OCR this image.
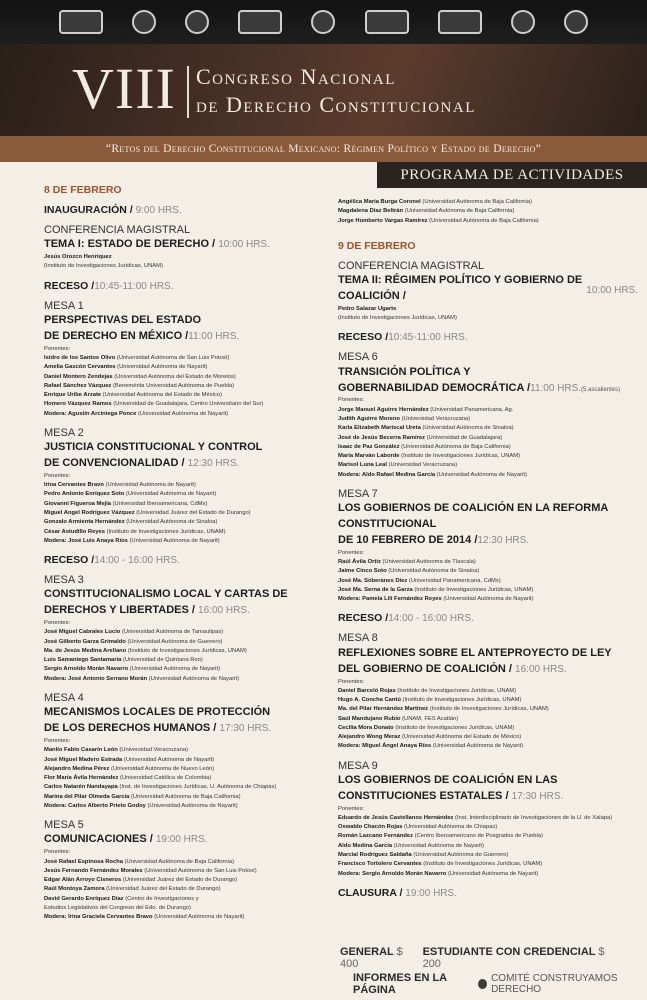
VIII Congreso Nacional
de Derecho Constitucional
“Retos del Derecho Constitucional Mexicano: Régimen Político y Estado de Derecho”
PROGRAMA DE ACTIVIDADES
8 DE FEBRERO
INAUGURACIÓN / 9:00 HRS.
CONFERENCIA MAGISTRAL
TEMA I: ESTADO DE DERECHO / 10:00 HRS.
Jesús Orozco Henríquez
(Instituto de Investigaciones Jurídicas, UNAM)
RECESO /10:45-11:00 HRS.
MESA 1
PERSPECTIVAS DEL ESTADO
DE DERECHO EN MÉXICO /11:00 HRS.
Ponentes:
Isidro de los Santos Olivo (Universidad Autónoma de San Luis Potosí)
Amelia Gascón Cervantes (Universidad Autónoma de Nayarit)
Daniel Montero Zendejas (Universidad Autónoma del Estado de Morelos)
Rafael Sánchez Vázquez (Benemérita Universidad Autónoma de Puebla)
Enrique Uribe Arzate (Universidad Autónoma del Estado de México)
Homero Vázquez Ramos (Universidad de Guadalajara, Centro Universitario del Sur)
Modera: Agustín Arciniega Ponce (Universidad Autónoma de Nayarit)
MESA 2
JUSTICIA CONSTITUCIONAL Y CONTROL
DE CONVENCIONALIDAD / 12:30 HRS.
Ponentes:
Irina Cervantes Bravo (Universidad Autónoma de Nayarit)
Pedro Antonio Enríquez Soto (Universidad Autónoma de Nayarit)
Giovanni Figueroa Mejía (Universidad Iberoamericana, CdMx)
Miguel Angel Rodríguez Vázquez (Universidad Juárez del Estado de Durango)
Gonzalo Armienta Hernández (Universidad Autónoma de Sinaloa)
César Astudillo Reyes (Instituto de Investigaciones Jurídicas, UNAM)
Modera: José Luis Anaya Ríos (Universidad Autónoma de Nayarit)
RECESO /14:00 - 16:00 HRS.
MESA 3
CONSTITUCIONALISMO LOCAL Y CARTAS DE
DERECHOS Y LIBERTADES / 16:00 HRS.
Ponentes:
José Miguel Cabrales Lucio (Universidad Autónoma de Tamaulipas)
José Gilberto Garza Grimaldo (Universidad Autónoma de Guerrero)
Ma. de Jesús Medina Arellano (Instituto de Investigaciones Jurídicas, UNAM)
Luis Samaniego Santamaría (Universidad de Quintana Roo)
Sergio Arnoldo Morán Navarro (Universidad Autónoma de Nayarit)
Modera: José Antonio Serrano Morán (Universidad Autónoma de Nayarit)
MESA 4
MECANISMOS LOCALES DE PROTECCIÓN
DE LOS DERECHOS HUMANOS / 17:30 HRS.
Ponentes:
Manlio Fabio Casarín León (Universidad Veracruzana)
José Miguel Madero Estrada (Universidad Autónoma de Nayarit)
Alejandro Medina Pérez (Universidad Autónoma de Nuevo León)
Flor María Ávila Hernández (Universidad Católica de Colombia)
Carlos Natarén Nandayapa (Inst. de Investigaciones Jurídicas, U. Autónoma de Chiapas)
Marina del Pilar Olmeda García (Universidad Autónoma de Baja California)
Modera: Carlos Alberto Prieto Godoy (Universidad Autónoma de Nayarit)
MESA 5
COMUNICACIONES / 19:00 HRS.
Ponentes:
José Rafael Espinosa Rocha (Universidad Autónoma de Baja California)
Jesús Fernando Fernández Morales (Universidad Autónoma de San Luis Potosí)
Edgar Alán Arroyo Cisneros (Universidad Juárez del Estado de Durango)
Raúl Montoya Zamora (Universidad Juárez del Estado de Durango)
David Gerardo Enríquez Díaz (Centro de Investigaciones y
Estudios Legislativos del Congreso del Edo. de Durango)
Modera: Irina Graciela Cervantes Bravo (Universidad Autónoma de Nayarit)
Angélica María Burga Coronel (Universidad Autónoma de Baja California)
Magdalena Díaz Beltrán (Universidad Autónoma de Baja California)
Jorge Humberto Vargas Ramírez (Universidad Autónoma de Baja California)
9 DE FEBRERO
CONFERENCIA MAGISTRAL
TEMA II: RÉGIMEN POLÍTICO Y GOBIERNO DE COALICIÓN /
Pedro Salazar Ugarte
(Instituto de Investigaciones Jurídicas, UNAM)
10:00 HRS.
RECESO /10:45-11:00 HRS.
MESA 6
TRANSICIÓN POLÍTICA Y
GOBERNABILIDAD DEMOCRÁTICA /11:00 HRS.(5 ascalientes)
Ponentes:
Jorge Manuel Aguirre Hernández (Universidad Panamericana, Ag.
Judith Aguirre Moreno (Universidad Veracruzana)
Karla Elizabeth Mariscal Ureta (Universidad Autónoma de Sinaloa)
José de Jesús Becerra Ramírez (Universidad de Guadalajara)
Isaac de Paz González (Universidad Autónoma de Baja California)
María Marván Laborde (Instituto de Investigaciones Jurídicas, UNAM)
Marisol Luna Leal (Universidad Veracruzana)
Modera: Aldo Rafael Medina García (Universidad Autónoma de Nayarit)
MESA 7
LOS GOBIERNOS DE COALICIÓN EN LA REFORMA CONSTITUCIONAL
DE 10 FEBRERO DE 2014 /12:30 HRS.
Ponentes:
Raúl Ávila Ortiz (Universidad Autónoma de Tlaxcala)
Jaime Cinco Soto (Universidad Autónoma de Sinaloa)
José Ma. Soberanes Díez (Universidad Panamericana, CdMx)
José Ma. Serna de la Garza (Instituto de Investigaciones Jurídicas, UNAM)
Modera: Pamela Lili Fernández Reyes (Universidad Autónoma de Nayarit)
RECESO /14:00 - 16:00 HRS.
MESA 8
REFLEXIONES SOBRE EL ANTEPROYECTO DE LEY
DEL GOBIERNO DE COALICIÓN / 16:00 HRS.
Ponentes:
Daniel Barceló Rojas (Instituto de Investigaciones Jurídicas, UNAM)
Hugo A. Concha Cantú (Instituto de Investigaciones Jurídicas, UNAM)
Ma. del Pilar Hernández Martínez (Instituto de Investigaciones Jurídicas, UNAM)
Saúl Mandujano Rubio (UNAM, FES Acatlán)
Cecilia Mora Donato (Instituto de Investigaciones Jurídicas, UNAM)
Alejandro Wong Meraz (Universidad Autónoma del Estado de México)
Modera: Miguel Ángel Anaya Ríos (Universidad Autónoma de Nayarit)
MESA 9
LOS GOBIERNOS DE COALICIÓN EN LAS
CONSTITUCIONES ESTATALES / 17:30 HRS.
Ponentes:
Eduardo de Jesús Castellanos Hernández (Inst. Interdisciplinario de Investigaciones de la U. de Xalapa)
Oswaldo Chacón Rojas (Universidad Autónoma de Chiapas)
Román Lazcano Fernández (Centro Iberoamericano de Posgrados de Puebla)
Aldo Medina García (Universidad Autónoma de Nayarit)
Marcial Rodríguez Saldaña (Universidad Autónoma de Guerrero)
Francisco Tortolero Cervantes (Instituto de Investigaciones Jurídicas, UNAM)
Modera: Sergio Arnoldo Morán Navarro (Universidad Autónoma de Nayarit)
CLAUSURA / 19:00 HRS.
GENERAL $ 400
ESTUDIANTE CON CREDENCIAL $ 200
INFORMES EN LA PÁGINA
COMITÉ CONSTRUYAMOS DERECHO
